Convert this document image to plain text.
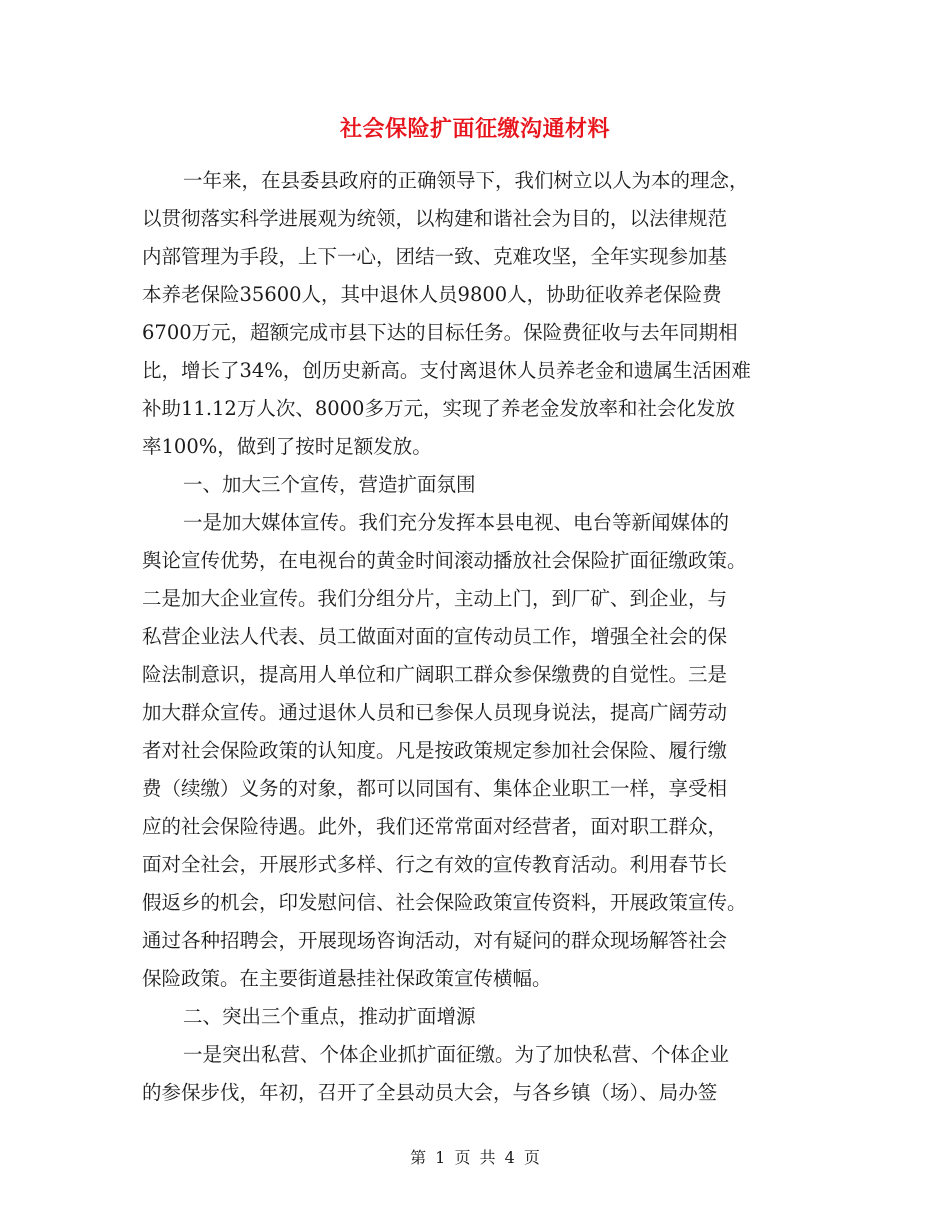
社会保险扩面征缴沟通材料
一年来，在县委县政府的正确领导下，我们树立以人为本的理念，
以贯彻落实科学进展观为统领，以构建和谐社会为目的，以法律规范
内部管理为手段，上下一心，团结一致、克难攻坚，全年实现参加基
本养老保险35600人，其中退休人员9800人，协助征收养老保险费
6700万元，超额完成市县下达的目标任务。保险费征收与去年同期相
比，增长了34%，创历史新高。支付离退休人员养老金和遗属生活困难
补助11.12万人次、8000多万元，实现了养老金发放率和社会化发放
率100%，做到了按时足额发放。
一、加大三个宣传，营造扩面氛围
一是加大媒体宣传。我们充分发挥本县电视、电台等新闻媒体的
舆论宣传优势，在电视台的黄金时间滚动播放社会保险扩面征缴政策。
二是加大企业宣传。我们分组分片，主动上门，到厂矿、到企业，与
私营企业法人代表、员工做面对面的宣传动员工作，增强全社会的保
险法制意识，提高用人单位和广阔职工群众参保缴费的自觉性。三是
加大群众宣传。通过退休人员和已参保人员现身说法，提高广阔劳动
者对社会保险政策的认知度。凡是按政策规定参加社会保险、履行缴
费（续缴）义务的对象，都可以同国有、集体企业职工一样，享受相
应的社会保险待遇。此外，我们还常常面对经营者，面对职工群众，
面对全社会，开展形式多样、行之有效的宣传教育活动。利用春节长
假返乡的机会，印发慰问信、社会保险政策宣传资料，开展政策宣传。
通过各种招聘会，开展现场咨询活动，对有疑问的群众现场解答社会
保险政策。在主要街道悬挂社保政策宣传横幅。
二、突出三个重点，推动扩面增源
一是突出私营、个体企业抓扩面征缴。为了加快私营、个体企业
的参保步伐，年初，召开了全县动员大会，与各乡镇（场）、局办签
第 1 页 共 4 页
